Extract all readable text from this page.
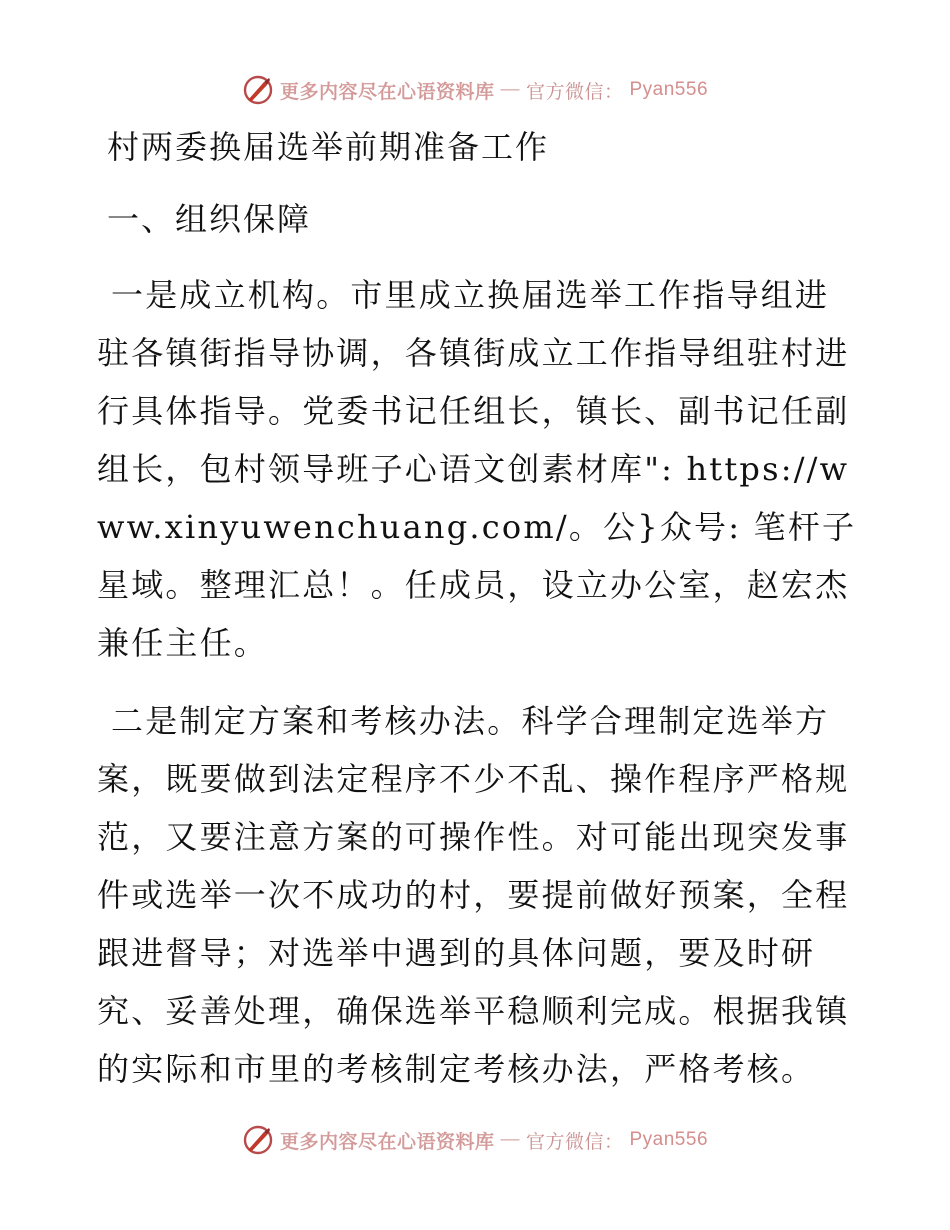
更多内容尽在心语资料库 — 官方微信： Pyan556
村两委换届选举前期准备工作
一、组织保障

一是成立机构。市里成立换届选举工作指导组进驻各镇街指导协调，各镇街成立工作指导组驻村进行具体指导。党委书记任组长，镇长、副书记任副组长，包村领导班子心语文创素材库": https://www.xinyuwenchuang.com/。公}众号: 笔杆子星域。整理汇总！。任成员，设立办公室，赵宏杰兼任主任。

二是制定方案和考核办法。科学合理制定选举方案，既要做到法定程序不少不乱、操作程序严格规范，又要注意方案的可操作性。对可能出现突发事件或选举一次不成功的村，要提前做好预案，全程跟进督导；对选举中遇到的具体问题，要及时研究、妥善处理，确保选举平稳顺利完成。根据我镇的实际和市里的考核制定考核办法，严格考核。

更多内容尽在心语资料库 — 官方微信： Pyan556
